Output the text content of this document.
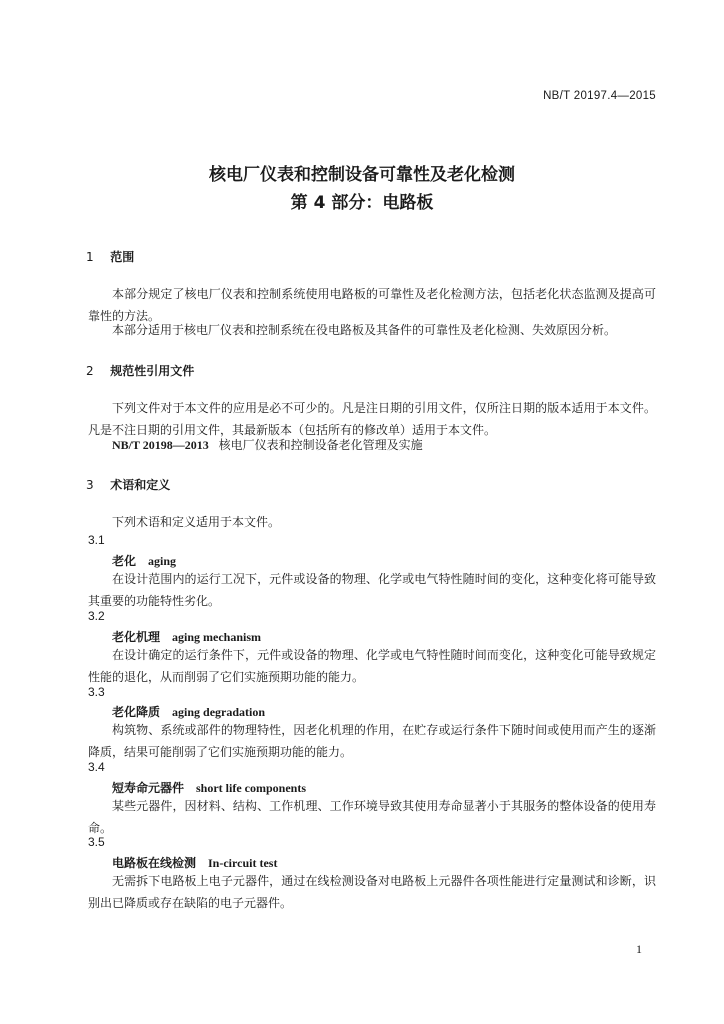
NB/T 20197.4—2015
核电厂仪表和控制设备可靠性及老化检测
第 4 部分：电路板
1 范围
本部分规定了核电厂仪表和控制系统使用电路板的可靠性及老化检测方法，包括老化状态监测及提高可靠性的方法。
本部分适用于核电厂仪表和控制系统在役电路板及其备件的可靠性及老化检测、失效原因分析。
2 规范性引用文件
下列文件对于本文件的应用是必不可少的。凡是注日期的引用文件，仅所注日期的版本适用于本文件。凡是不注日期的引用文件，其最新版本（包括所有的修改单）适用于本文件。
NB/T 20198—2013 核电厂仪表和控制设备老化管理及实施
3 术语和定义
下列术语和定义适用于本文件。
3.1
老化 aging
在设计范围内的运行工况下，元件或设备的物理、化学或电气特性随时间的变化，这种变化将可能导致其重要的功能特性劣化。
3.2
老化机理 aging mechanism
在设计确定的运行条件下，元件或设备的物理、化学或电气特性随时间而变化，这种变化可能导致规定性能的退化，从而削弱了它们实施预期功能的能力。
3.3
老化降质 aging degradation
构筑物、系统或部件的物理特性，因老化机理的作用，在贮存或运行条件下随时间或使用而产生的逐渐降质，结果可能削弱了它们实施预期功能的能力。
3.4
短寿命元器件 short life components
某些元器件，因材料、结构、工作机理、工作环境导致其使用寿命显著小于其服务的整体设备的使用寿命。
3.5
电路板在线检测 In-circuit test
无需拆下电路板上电子元器件，通过在线检测设备对电路板上元器件各项性能进行定量测试和诊断，识别出已降质或存在缺陷的电子元器件。
1
